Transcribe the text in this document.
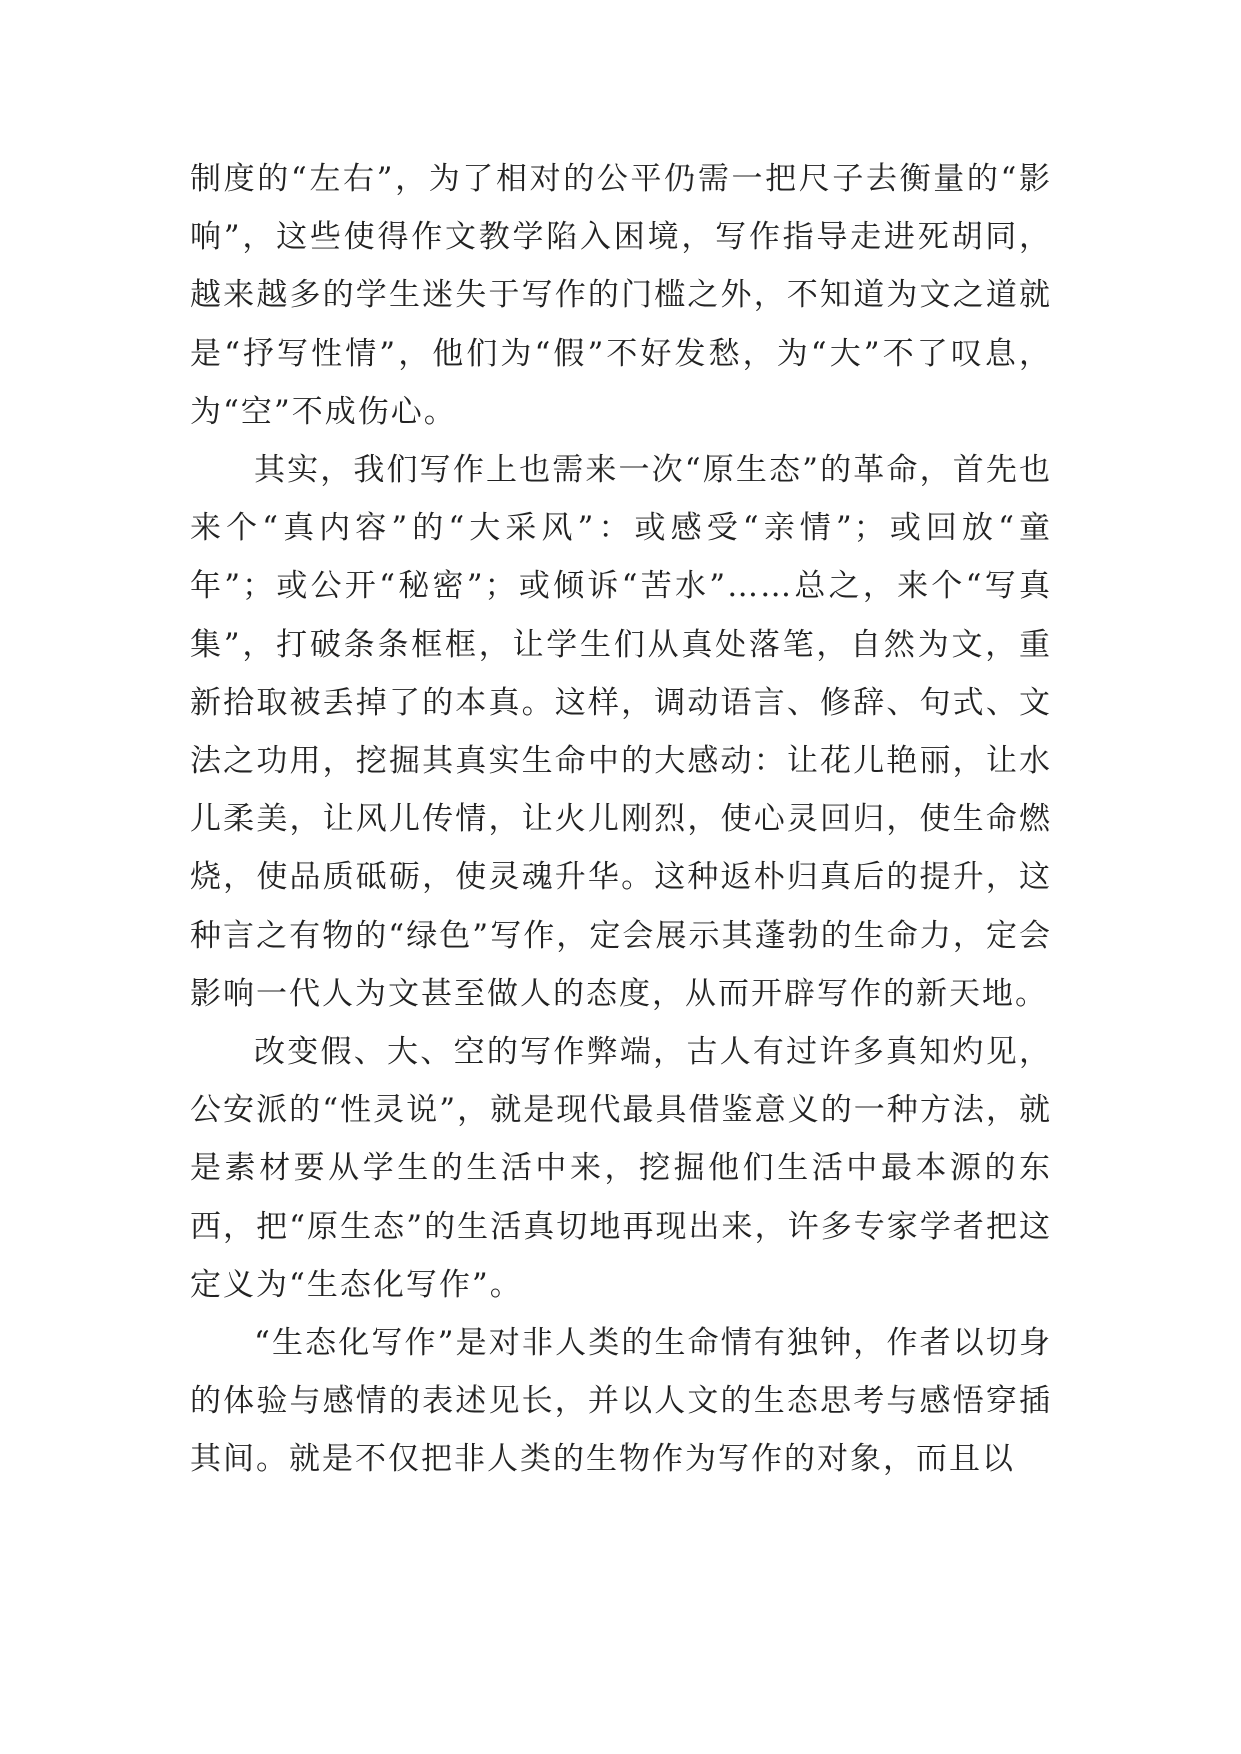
制度的“左右”，为了相对的公平仍需一把尺子去衡量的“影响”，这些使得作文教学陷入困境，写作指导走进死胡同，越来越多的学生迷失于写作的门槛之外，不知道为文之道就是“抒写性情”，他们为“假”不好发愁，为“大”不了叹息，为“空”不成伤心。

其实，我们写作上也需来一次“原生态”的革命，首先也来个“真内容”的“大采风”：或感受“亲情”；或回放“童年”；或公开“秘密”；或倾诉“苦水”……总之，来个“写真集”，打破条条框框，让学生们从真处落笔，自然为文，重新拾取被丢掉了的本真。这样，调动语言、修辞、句式、文法之功用，挖掘其真实生命中的大感动：让花儿艳丽，让水儿柔美，让风儿传情，让火儿刚烈，使心灵回归，使生命燃烧，使品质砥砺，使灵魂升华。这种返朴归真后的提升，这种言之有物的“绿色”写作，定会展示其蓬勃的生命力，定会影响一代人为文甚至做人的态度，从而开辟写作的新天地。

改变假、大、空的写作弊端，古人有过许多真知灼见，公安派的“性灵说”，就是现代最具借鉴意义的一种方法，就是素材要从学生的生活中来，挖掘他们生活中最本源的东西，把“原生态”的生活真切地再现出来，许多专家学者把这定义为“生态化写作”。

“生态化写作”是对非人类的生命情有独钟，作者以切身的体验与感情的表述见长，并以人文的生态思考与感悟穿插其间。就是不仅把非人类的生物作为写作的对象，而且以
